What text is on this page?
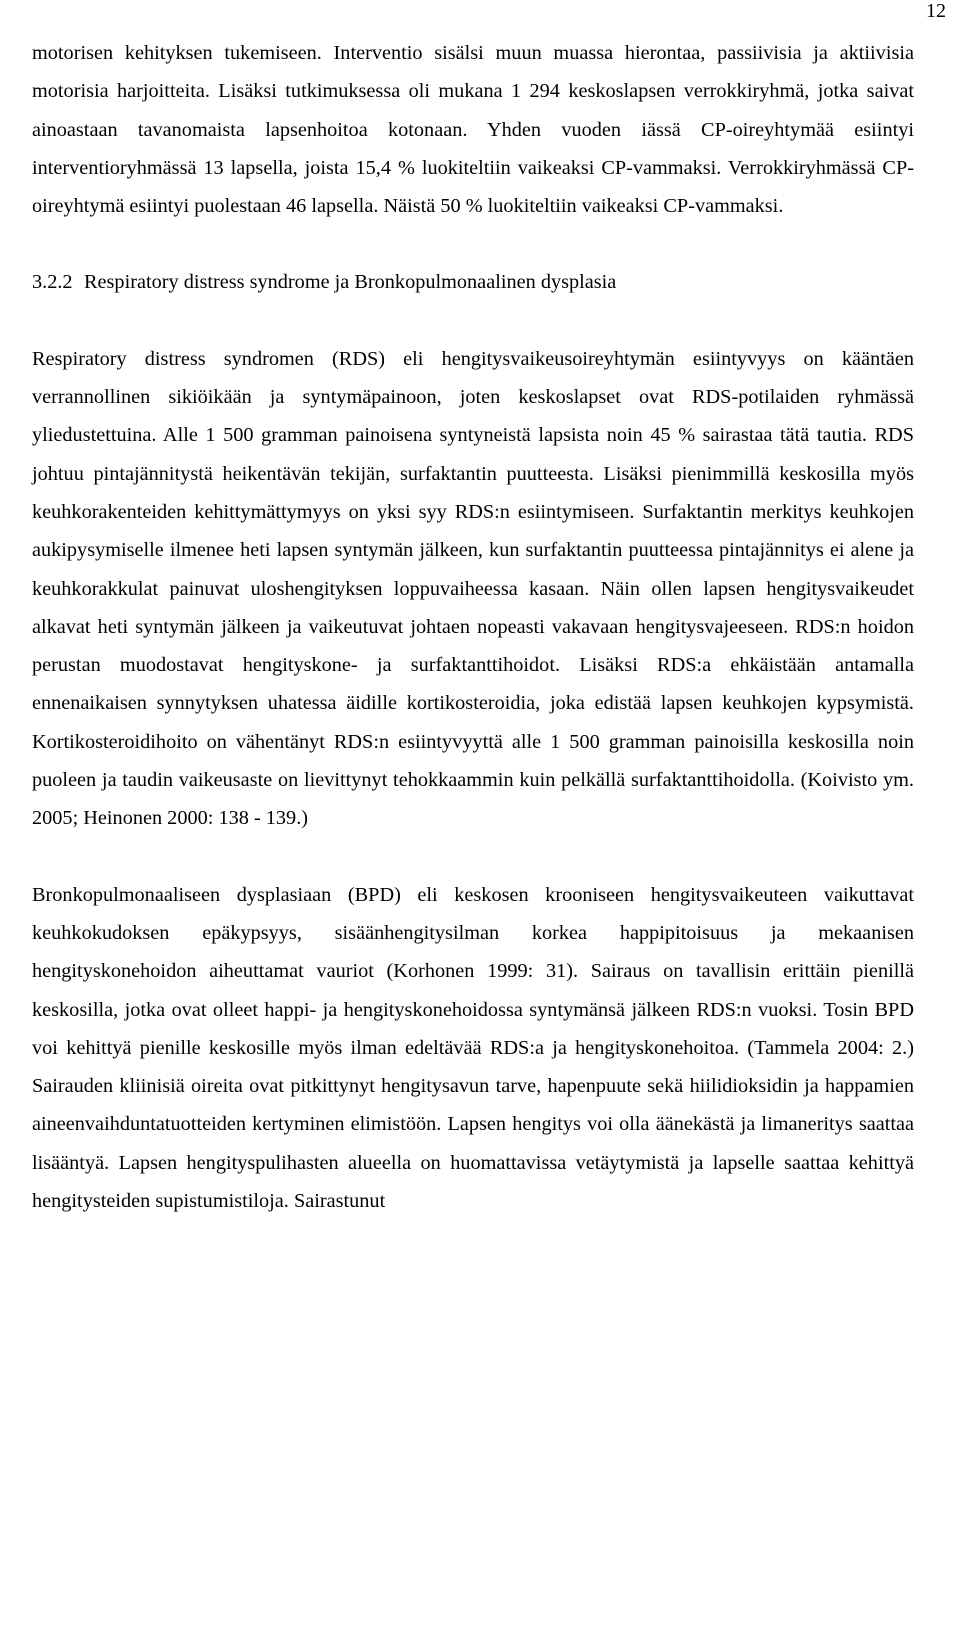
12

motorisen kehityksen tukemiseen. Interventio sisälsi muun muassa hierontaa, passiivisia ja aktiivisia motorisia harjoitteita. Lisäksi tutkimuksessa oli mukana 1 294 keskoslapsen verrokkiryhmä, jotka saivat ainoastaan tavanomaista lapsenhoitoa kotonaan. Yhden vuoden iässä CP-oireyhtymää esiintyi interventioryhmässä 13 lapsella, joista 15,4 % luokiteltiin vaikeaksi CP-vammaksi. Verrokkiryhmässä CP-oireyhtymä esiintyi puolestaan 46 lapsella. Näistä 50 % luokiteltiin vaikeaksi CP-vammaksi.

3.2.2 Respiratory distress syndrome ja Bronkopulmonaalinen dysplasia

Respiratory distress syndromen (RDS) eli hengitysvaikeusoireyhtymän esiintyvyys on kääntäen verrannollinen sikiöikään ja syntymäpainoon, joten keskoslapset ovat RDS-potilaiden ryhmässä yliedustettuina. Alle 1 500 gramman painoisena syntyneistä lapsista noin 45 % sairastaa tätä tautia. RDS johtuu pintajännitystä heikentävän tekijän, surfaktantin puutteesta. Lisäksi pienimmillä keskosilla myös keuhkorakenteiden kehittymättymyys on yksi syy RDS:n esiintymiseen. Surfaktantin merkitys keuhkojen aukipysymiselle ilmenee heti lapsen syntymän jälkeen, kun surfaktantin puutteessa pintajännitys ei alene ja keuhkorakkulat painuvat uloshengityksen loppuvaiheessa kasaan. Näin ollen lapsen hengitysvaikeudet alkavat heti syntymän jälkeen ja vaikeutuvat johtaen nopeasti vakavaan hengitysvajeeseen. RDS:n hoidon perustan muodostavat hengityskone- ja surfaktanttihoidot. Lisäksi RDS:a ehkäistään antamalla ennenaikaisen synnytyksen uhatessa äidille kortikosteroidia, joka edistää lapsen keuhkojen kypsymistä. Kortikosteroidihoito on vähentänyt RDS:n esiintyvyyttä alle 1 500 gramman painoisilla keskosilla noin puoleen ja taudin vaikeusaste on lievittynyt tehokkaammin kuin pelkällä surfaktanttihoidolla. (Koivisto ym. 2005; Heinonen 2000: 138 - 139.)

Bronkopulmonaaliseen dysplasiaan (BPD) eli keskosen krooniseen hengitysvaikeuteen vaikuttavat keuhkokudoksen epäkypsyys, sisäänhengitysilman korkea happipitoisuus ja mekaanisen hengityskonehoidon aiheuttamat vauriot (Korhonen 1999: 31). Sairaus on tavallisin erittäin pienillä keskosilla, jotka ovat olleet happi- ja hengityskonehoidossa syntymänsä jälkeen RDS:n vuoksi. Tosin BPD voi kehittyä pienille keskosille myös ilman edeltävää RDS:a ja hengityskonehoitoa. (Tammela 2004: 2.) Sairauden kliinisiä oireita ovat pitkittynyt hengitysavun tarve, hapenpuute sekä hiilidioksidin ja happamien aineenvaihduntatuotteiden kertyminen elimistöön. Lapsen hengitys voi olla äänekästä ja limaneritys saattaa lisääntyä. Lapsen hengityspulihasten alueella on huomattavissa vetäytymistä ja lapselle saattaa kehittyä hengitysteiden supistumistiloja. Sairastunut
